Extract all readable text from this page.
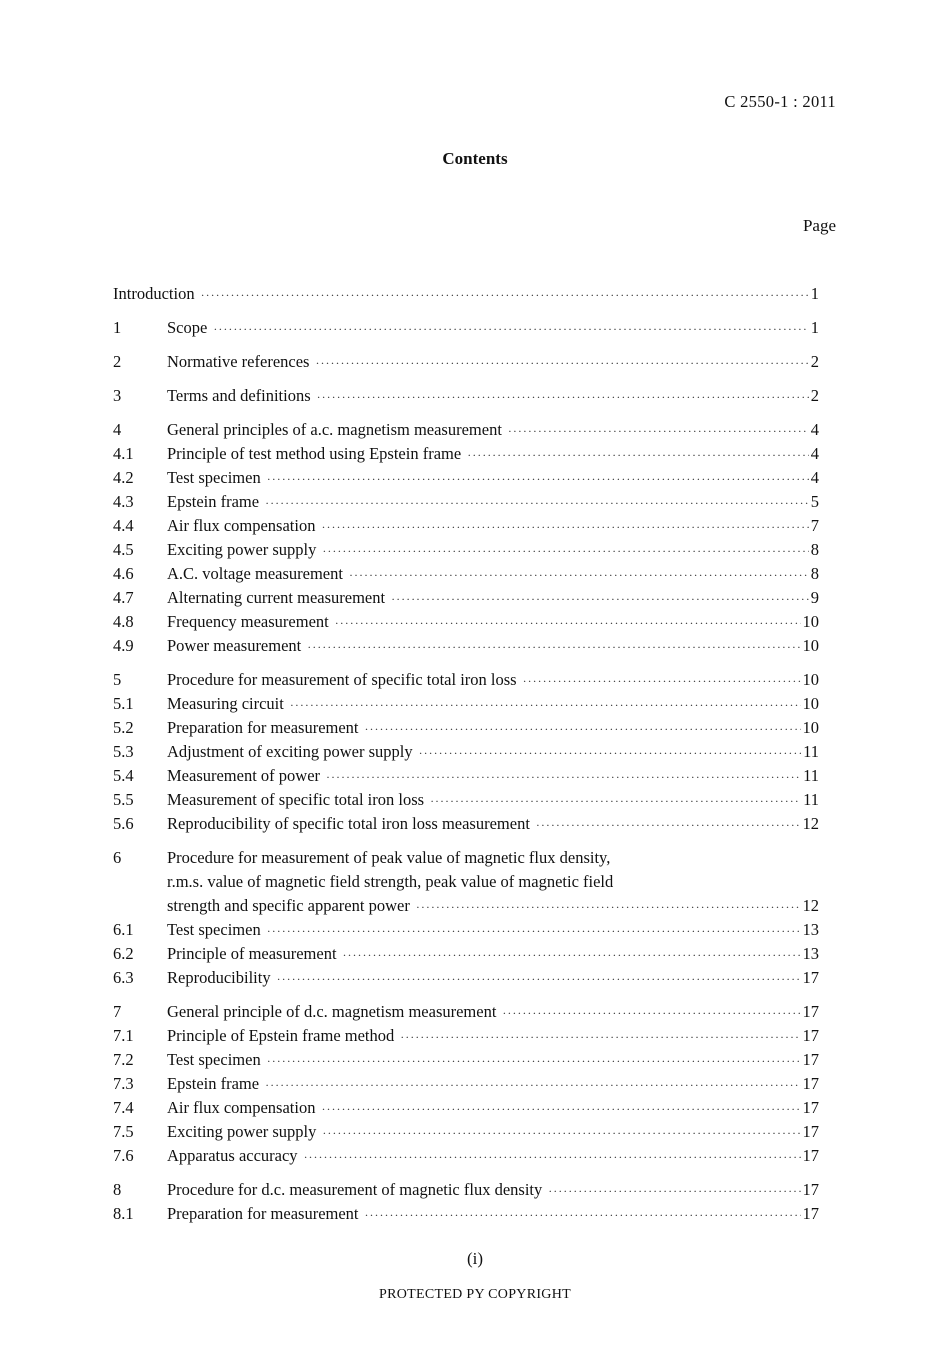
C 2550-1 : 2011
Contents
Page
Introduction ·····	1
1	Scope ·····	1
2	Normative references ·····	2
3	Terms and definitions ·····	2
4	General principles of a.c. magnetism measurement ·····	4
4.1	Principle of test method using Epstein frame ·····	4
4.2	Test specimen ·····	4
4.3	Epstein frame ·····	5
4.4	Air flux compensation ·····	7
4.5	Exciting power supply ·····	8
4.6	A.C. voltage measurement ·····	8
4.7	Alternating current measurement ·····	9
4.8	Frequency measurement ·····	10
4.9	Power measurement ·····	10
5	Procedure for measurement of specific total iron loss ·····	10
5.1	Measuring circuit ·····	10
5.2	Preparation for measurement ·····	10
5.3	Adjustment of exciting power supply ·····	11
5.4	Measurement of power ·····	11
5.5	Measurement of specific total iron loss ·····	11
5.6	Reproducibility of specific total iron loss measurement ·····	12
6	Procedure for measurement of peak value of magnetic flux density,
r.m.s. value of magnetic field strength, peak value of magnetic field
strength and specific apparent power ·····	12
6.1	Test specimen ·····	13
6.2	Principle of measurement ·····	13
6.3	Reproducibility ·····	17
7	General principle of d.c. magnetism measurement ·····	17
7.1	Principle of Epstein frame method ·····	17
7.2	Test specimen ·····	17
7.3	Epstein frame ·····	17
7.4	Air flux compensation ·····	17
7.5	Exciting power supply ·····	17
7.6	Apparatus accuracy ·····	17
8	Procedure for d.c. measurement of magnetic flux density ·····	17
8.1	Preparation for measurement ·····	17
(i)
PROTECTED PY COPYRIGHT
